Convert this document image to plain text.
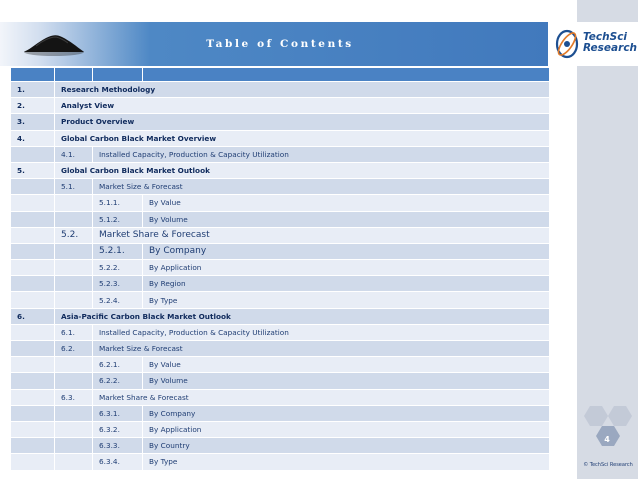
Table of Contents
TechSci
Research

1.	Research Methodology		
2.	Analyst View		
3.	Product Overview		
4.	Global Carbon Black Market Overview		
	4.1.	Installed Capacity, Production & Capacity Utilization	
5.	Global Carbon Black Market Outlook		
	5.1.	Market Size & Forecast	
		5.1.1.	By Value
		5.1.2.	By Volume
	5.2.	Market Share & Forecast	
		5.2.1.	By Company
		5.2.2.	By Application
		5.2.3.	By Region
		5.2.4.	By Type
6.	Asia-Pacific Carbon Black Market Outlook		
	6.1.	Installed Capacity, Production & Capacity Utilization	
	6.2.	Market Size & Forecast	
		6.2.1.	By Value
		6.2.2.	By Volume
	6.3.	Market Share & Forecast	
		6.3.1.	By Company
		6.3.2.	By Application
		6.3.3.	By Country
		6.3.4.	By Type
4
© TechSci Research
